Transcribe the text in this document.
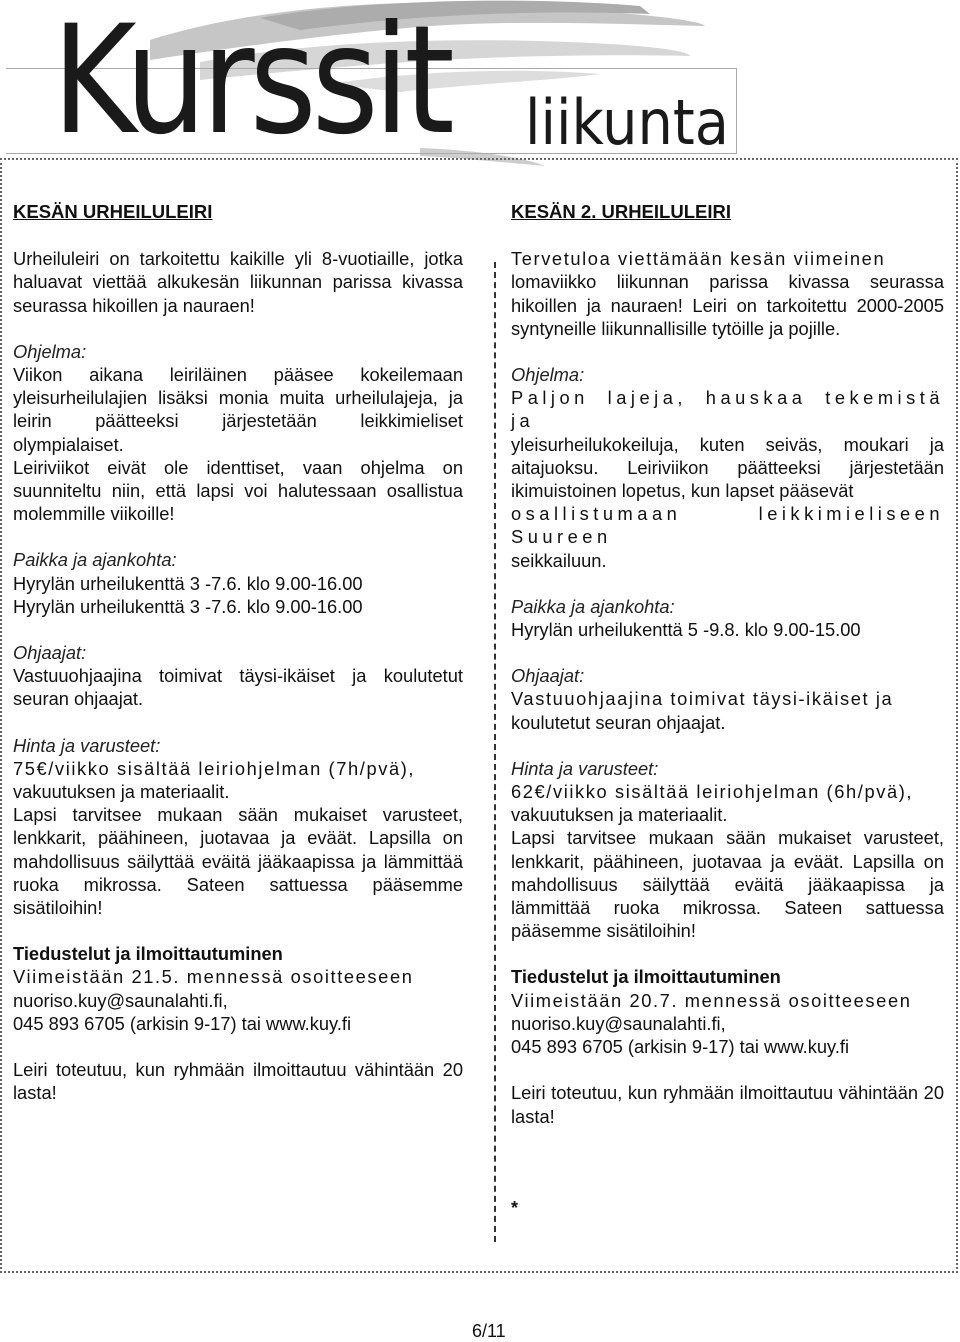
Kurssit liikunta

KESÄN URHEILULEIRI

Urheiluleiri on tarkoitettu kaikille yli 8-vuotiaille, jotka haluavat viettää alkukesän liikunnan parissa kivassa seurassa hikoillen ja nauraen!

Ohjelma:

Viikon aikana leiriläinen pääsee kokeilemaan yleisurheilulajien lisäksi monia muita urheilulajeja, ja leirin päätteeksi järjestetään leikkimieliset olympialaiset.

Leiriviikot eivät ole identtiset, vaan ohjelma on suunniteltu niin, että lapsi voi halutessaan osallistua molemmille viikoille!

Paikka ja ajankohta:

Hyrylän urheilukenttä 3 -7.6. klo 9.00-16.00

Hyrylän urheilukenttä 3 -7.6. klo 9.00-16.00

Ohjaajat:

Vastuuohjaajina toimivat täysi-ikäiset ja koulutetut seuran ohjaajat.

Hinta ja varusteet:

75€/viikko sisältää leiriohjelman (7h/pvä),

vakuutuksen ja materiaalit.

Lapsi tarvitsee mukaan sään mukaiset varusteet, lenkkarit, päähineen, juotavaa ja eväät. Lapsilla on mahdollisuus säilyttää eväitä jääkaapissa ja lämmittää ruoka mikrossa. Sateen sattuessa pääsemme sisätiloihin!

Tiedustelut ja ilmoittautuminen

Viimeistään 21.5. mennessä osoitteeseen

nuoriso.kuy@saunalahti.fi,

045 893 6705 (arkisin 9-17) tai www.kuy.fi

Leiri toteutuu, kun ryhmään ilmoittautuu vähintään 20 lasta!

KESÄN 2. URHEILULEIRI

Tervetuloa viettämään kesän viimeinen

lomaviikko liikunnan parissa kivassa seurassa hikoillen ja nauraen! Leiri on tarkoitettu 2000-2005 syntyneille liikunnallisille tytöille ja pojille.

Ohjelma:

Paljon lajeja, hauskaa tekemistä ja

yleisurheilukokeiluja, kuten seiväs, moukari ja aitajuoksu. Leiriviikon päätteeksi järjestetään ikimuistoinen lopetus, kun lapset pääsevät

osallistumaan leikkimieliseen Suureen

seikkailuun.

Paikka ja ajankohta:

Hyrylän urheilukenttä 5 -9.8. klo 9.00-15.00

Ohjaajat:

Vastuuohjaajina toimivat täysi-ikäiset ja

koulutetut seuran ohjaajat.

Hinta ja varusteet:

62€/viikko sisältää leiriohjelman (6h/pvä),

vakuutuksen ja materiaalit.

Lapsi tarvitsee mukaan sään mukaiset varusteet, lenkkarit, päähineen, juotavaa ja eväät. Lapsilla on mahdollisuus säilyttää eväitä jääkaapissa ja lämmittää ruoka mikrossa. Sateen sattuessa pääsemme sisätiloihin!

Tiedustelut ja ilmoittautuminen

Viimeistään 20.7. mennessä osoitteeseen

nuoriso.kuy@saunalahti.fi,

045 893 6705 (arkisin 9-17) tai www.kuy.fi

Leiri toteutuu, kun ryhmään ilmoittautuu vähintään 20 lasta!

*

6/11
